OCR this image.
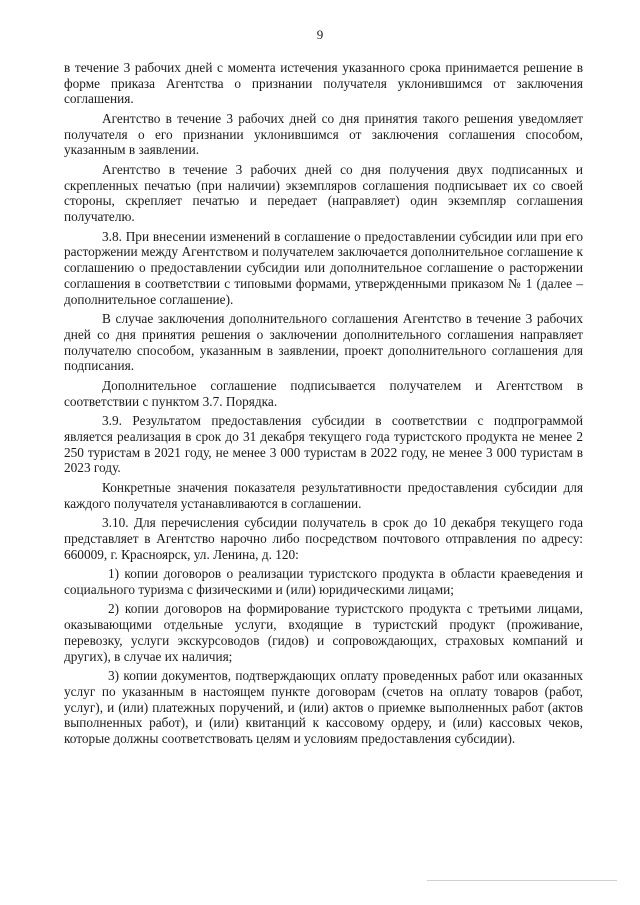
9

в течение 3 рабочих дней с момента истечения указанного срока принимается решение в форме приказа Агентства о признании получателя уклонившимся от заключения соглашения.

Агентство в течение 3 рабочих дней со дня принятия такого решения уведомляет получателя о его признании уклонившимся от заключения соглашения способом, указанным в заявлении.

Агентство в течение 3 рабочих дней со дня получения двух подписанных и скрепленных печатью (при наличии) экземпляров соглашения подписывает их со своей стороны, скрепляет печатью и передает (направляет) один экземпляр соглашения получателю.

3.8. При внесении изменений в соглашение о предоставлении субсидии или при его расторжении между Агентством и получателем заключается дополнительное соглашение к соглашению о предоставлении субсидии или дополнительное соглашение о расторжении соглашения в соответствии с типовыми формами, утвержденными приказом № 1 (далее – дополнительное соглашение).

В случае заключения дополнительного соглашения Агентство в течение 3 рабочих дней со дня принятия решения о заключении дополнительного соглашения направляет получателю способом, указанным в заявлении, проект дополнительного соглашения для подписания.

Дополнительное соглашение подписывается получателем и Агентством в соответствии с пунктом 3.7. Порядка.

3.9. Результатом предоставления субсидии в соответствии с подпрограммой является реализация в срок до 31 декабря текущего года туристского продукта не менее 2 250 туристам в 2021 году, не менее 3 000 туристам в 2022 году, не менее 3 000 туристам в 2023 году.

Конкретные значения показателя результативности предоставления субсидии для каждого получателя устанавливаются в соглашении.

3.10. Для перечисления субсидии получатель в срок до 10 декабря текущего года представляет в Агентство нарочно либо посредством почтового отправления по адресу: 660009, г. Красноярск, ул. Ленина, д. 120:

1) копии договоров о реализации туристского продукта в области краеведения и социального туризма с физическими и (или) юридическими лицами;

2) копии договоров на формирование туристского продукта с третьими лицами, оказывающими отдельные услуги, входящие в туристский продукт (проживание, перевозку, услуги экскурсоводов (гидов) и сопровождающих, страховых компаний и других), в случае их наличия;

3) копии документов, подтверждающих оплату проведенных работ или оказанных услуг по указанным в настоящем пункте договорам (счетов на оплату товаров (работ, услуг), и (или) платежных поручений, и (или) актов о приемке выполненных работ (актов выполненных работ), и (или) квитанций к кассовому ордеру, и (или) кассовых чеков, которые должны соответствовать целям и условиям предоставления субсидии).
